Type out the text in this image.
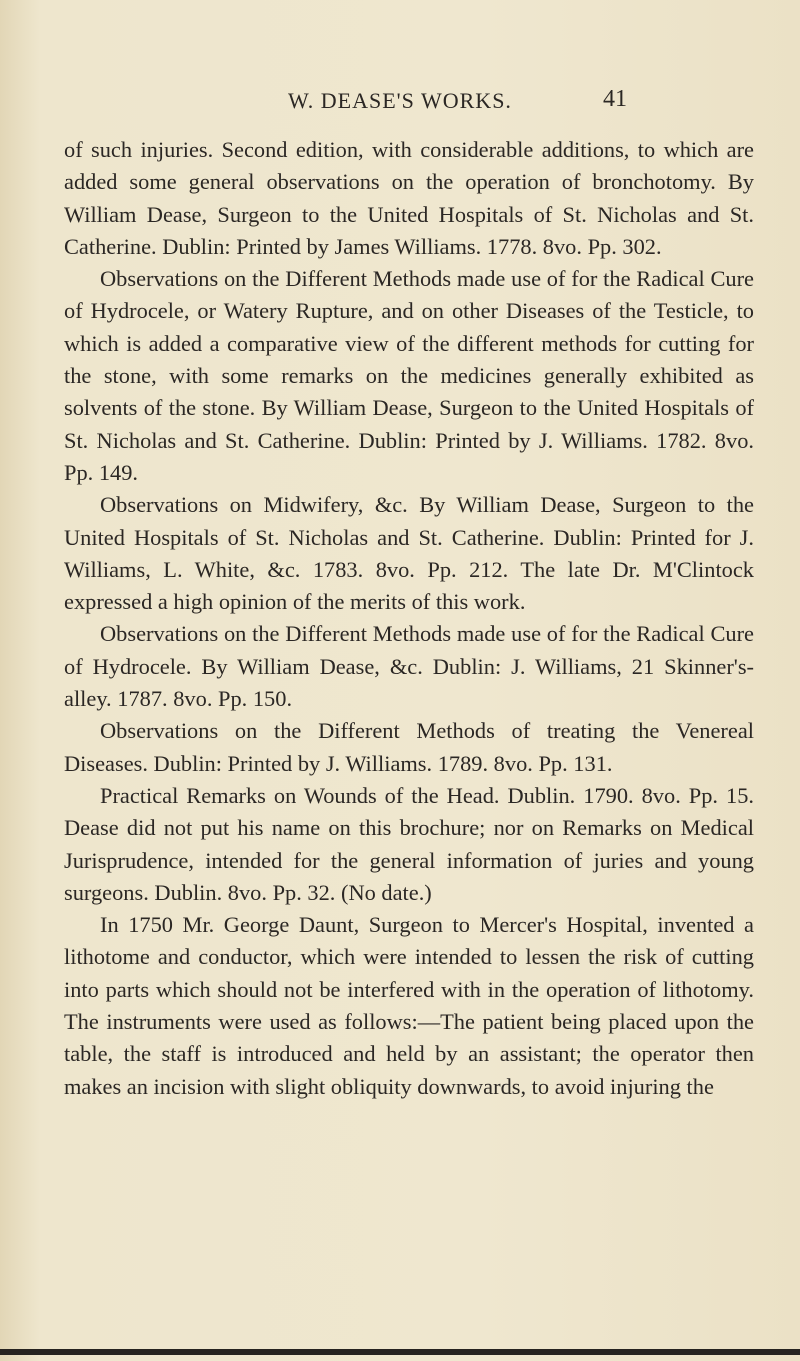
W. DEASE'S WORKS.	41

of such injuries. Second edition, with considerable additions, to which are added some general observations on the operation of bronchotomy. By William Dease, Surgeon to the United Hospitals of St. Nicholas and St. Catherine. Dublin: Printed by James Williams. 1778. 8vo. Pp. 302.

Observations on the Different Methods made use of for the Radical Cure of Hydrocele, or Watery Rupture, and on other Diseases of the Testicle, to which is added a comparative view of the different methods for cutting for the stone, with some remarks on the medicines generally exhibited as solvents of the stone. By William Dease, Surgeon to the United Hospitals of St. Nicholas and St. Catherine. Dublin: Printed by J. Williams. 1782. 8vo. Pp. 149.

Observations on Midwifery, &c. By William Dease, Surgeon to the United Hospitals of St. Nicholas and St. Catherine. Dublin: Printed for J. Williams, L. White, &c. 1783. 8vo. Pp. 212. The late Dr. M'Clintock expressed a high opinion of the merits of this work.

Observations on the Different Methods made use of for the Radical Cure of Hydrocele. By William Dease, &c. Dublin: J. Williams, 21 Skinner's-alley. 1787. 8vo. Pp. 150.

Observations on the Different Methods of treating the Venereal Diseases. Dublin: Printed by J. Williams. 1789. 8vo. Pp. 131.

Practical Remarks on Wounds of the Head. Dublin. 1790. 8vo. Pp. 15. Dease did not put his name on this brochure; nor on Remarks on Medical Jurisprudence, intended for the general information of juries and young surgeons. Dublin. 8vo. Pp. 32. (No date.)

In 1750 Mr. George Daunt, Surgeon to Mercer's Hospital, invented a lithotome and conductor, which were intended to lessen the risk of cutting into parts which should not be interfered with in the operation of lithotomy. The instruments were used as follows:—The patient being placed upon the table, the staff is introduced and held by an assistant; the operator then makes an incision with slight obliquity downwards, to avoid injuring the
